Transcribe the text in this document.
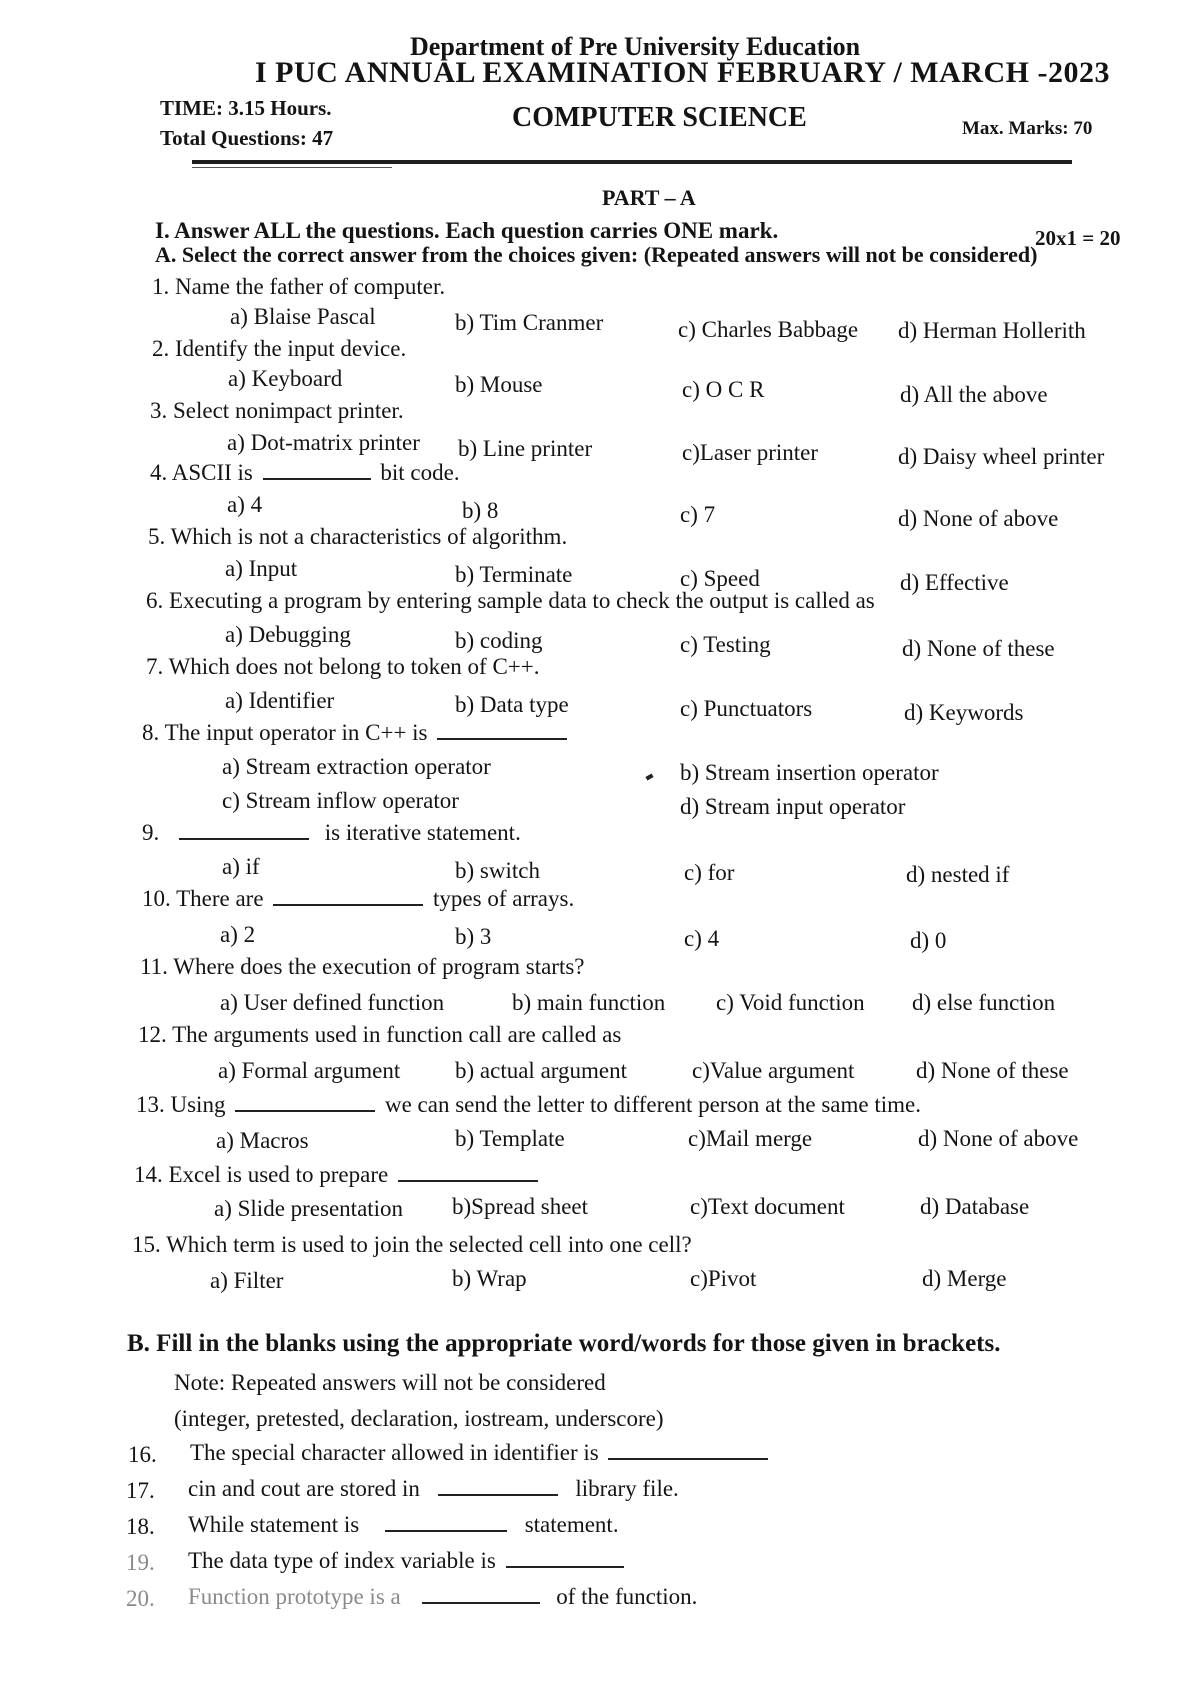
Department of Pre University Education
I PUC ANNUAL EXAMINATION FEBRUARY / MARCH -2023
TIME: 3.15 Hours.	COMPUTER SCIENCE
Total Questions: 47	Max. Marks: 70
PART – A
I. Answer ALL the questions. Each question carries ONE mark.	20x1 = 20
A. Select the correct answer from the choices given: (Repeated answers will not be considered)
1. Name the father of computer.
a) Blaise Pascal	b) Tim Cranmer	c) Charles Babbage d) Herman Hollerith
2. Identify the input device.
a) Keyboard	b) Mouse	c) O C R	d) All the above
3. Select nonimpact printer.
a) Dot-matrix printer b) Line printer	c)Laser printer	d) Daisy wheel printer
4. ASCII is	bit code.
a) 4	b) 8	c) 7	d) None of above
5. Which is not a characteristics of algorithm.
a) Input	b) Terminate	c) Speed	d) Effective
6. Executing a program by entering sample data to check the output is called as
a) Debugging	b) coding	c) Testing	d) None of these
7. Which does not belong to token of C++.
a) Identifier	b) Data type	c) Punctuators	d) Keywords
8. The input operator in C++ is
a) Stream extraction operator	b) Stream insertion operator
c) Stream inflow operator	d) Stream input operator
9.	is iterative statement.
a) if	b) switch	c) for	d) nested if
10. There are	types of arrays.
a) 2	b) 3	c) 4	d) 0
11. Where does the execution of program starts?
a) User defined function	b) main function c) Void function d) else function
12. The arguments used in function call are called as
a) Formal argument b) actual argument	c)Value argument	d) None of these
13. Using	we can send the letter to different person at the same time.
a) Macros	b) Template	c)Mail merge	d) None of above
14. Excel is used to prepare
a) Slide presentation b)Spread sheet	c)Text document	d) Database
15. Which term is used to join the selected cell into one cell?
a) Filter	b) Wrap	c)Pivot	d) Merge
B. Fill in the blanks using the appropriate word/words for those given in brackets.
Note: Repeated answers will not be considered
(integer, pretested, declaration, iostream, underscore)
16. The special character allowed in identifier is
17. cin and cout are stored in	library file.
18. While statement is	statement.
19. The data type of index variable is
20. Function prototype is a	of the function.
